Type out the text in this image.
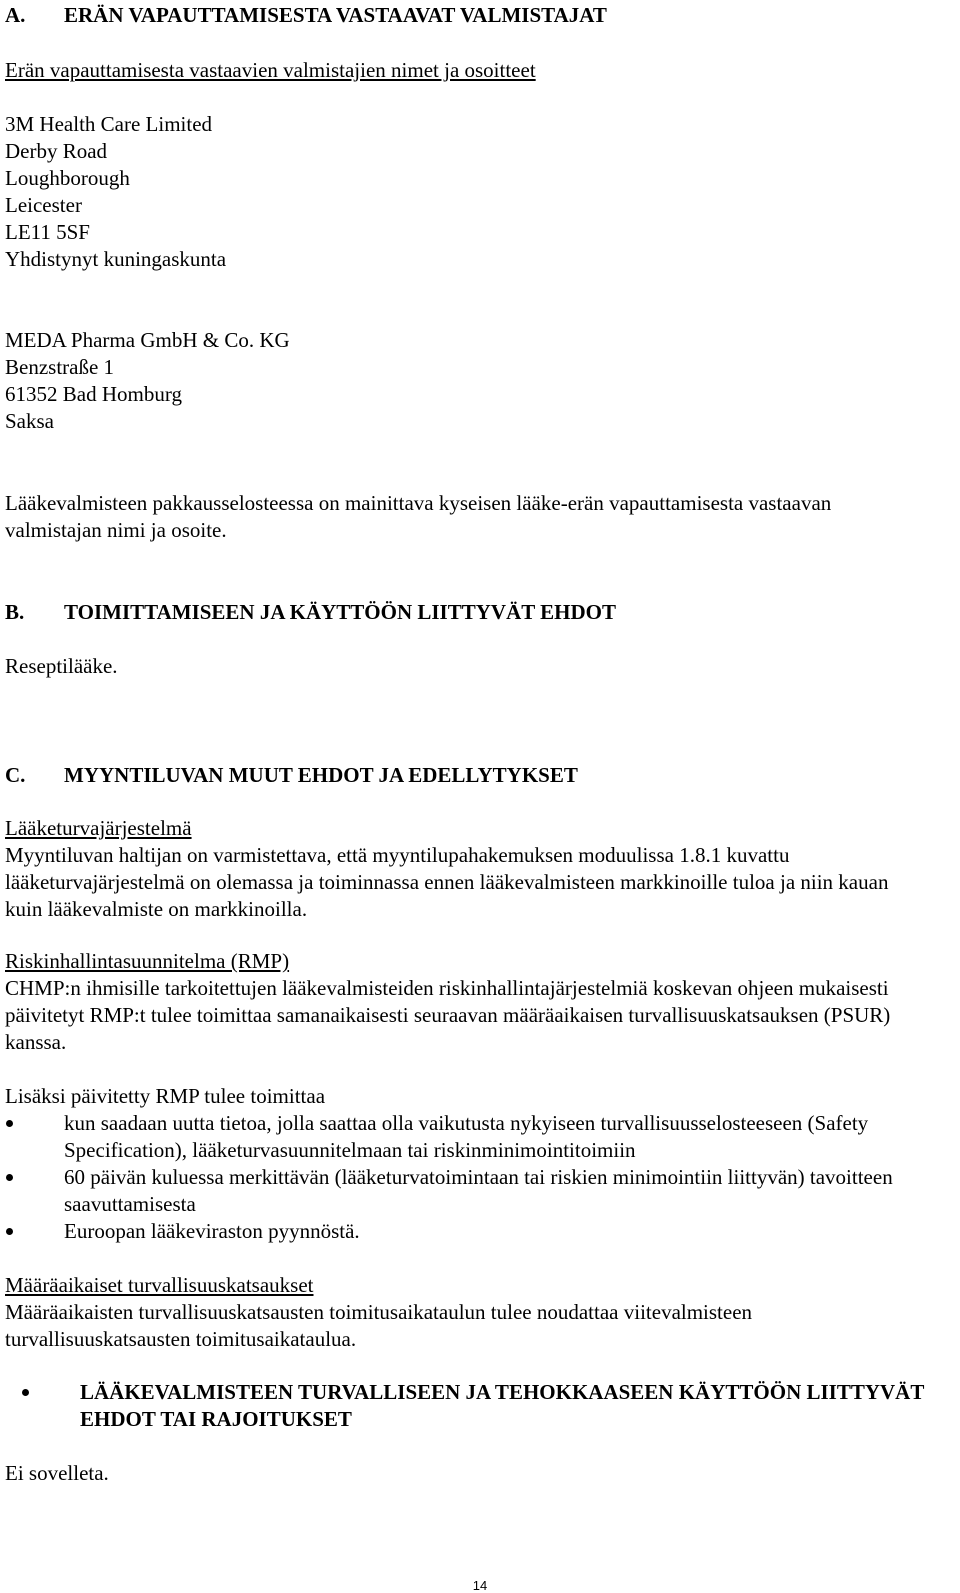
A. ERÄN VAPAUTTAMISESTA VASTAAVAT VALMISTAJAT
Erän vapauttamisesta vastaavien valmistajien nimet ja osoitteet
3M Health Care Limited
Derby Road
Loughborough
Leicester
LE11 5SF
Yhdistynyt kuningaskunta
MEDA Pharma GmbH & Co. KG
Benzstraße 1
61352 Bad Homburg
Saksa
Lääkevalmisteen pakkausselosteessa on mainittava kyseisen lääke-erän vapauttamisesta vastaavan valmistajan nimi ja osoite.
B. TOIMITTAMISEEN JA KÄYTTÖÖN LIITTYVÄT EHDOT
Reseptilääke.
C. MYYNTILUVAN MUUT EHDOT JA EDELLYTYKSET
Lääketurvajärjestelmä
Myyntiluvan haltijan on varmistettava, että myyntilupahakemuksen moduulissa 1.8.1 kuvattu lääketurvajärjestelmä on olemassa ja toiminnassa ennen lääkevalmisteen markkinoille tuloa ja niin kauan kuin lääkevalmiste on markkinoilla.
Riskinhallintasuunnitelma (RMP)
CHMP:n ihmisille tarkoitettujen lääkevalmisteiden riskinhallintajärjestelmiä koskevan ohjeen mukaisesti päivitetyt RMP:t tulee toimittaa samanaikaisesti seuraavan määräaikaisen turvallisuuskatsauksen (PSUR) kanssa.
Lisäksi päivitetty RMP tulee toimittaa
kun saadaan uutta tietoa, jolla saattaa olla vaikutusta nykyiseen turvallisuusselosteeseen (Safety Specification), lääketurvasuunnitelmaan tai riskinminimointitoimiin
60 päivän kuluessa merkittävän (lääketurvatoimintaan tai riskien minimointiin liittyvän) tavoitteen saavuttamisesta
Euroopan lääkeviraston pyynnöstä.
Määräaikaiset turvallisuuskatsaukset
Määräaikaisten turvallisuuskatsausten toimitusaikataulun tulee noudattaa viitevalmisteen turvallisuuskatsausten toimitusaikataulua.
LÄÄKEVALMISTEEN TURVALLISEEN JA TEHOKKAASEEN KÄYTTÖÖN LIITTYVÄT EHDOT TAI RAJOITUKSET
Ei sovelleta.
14
